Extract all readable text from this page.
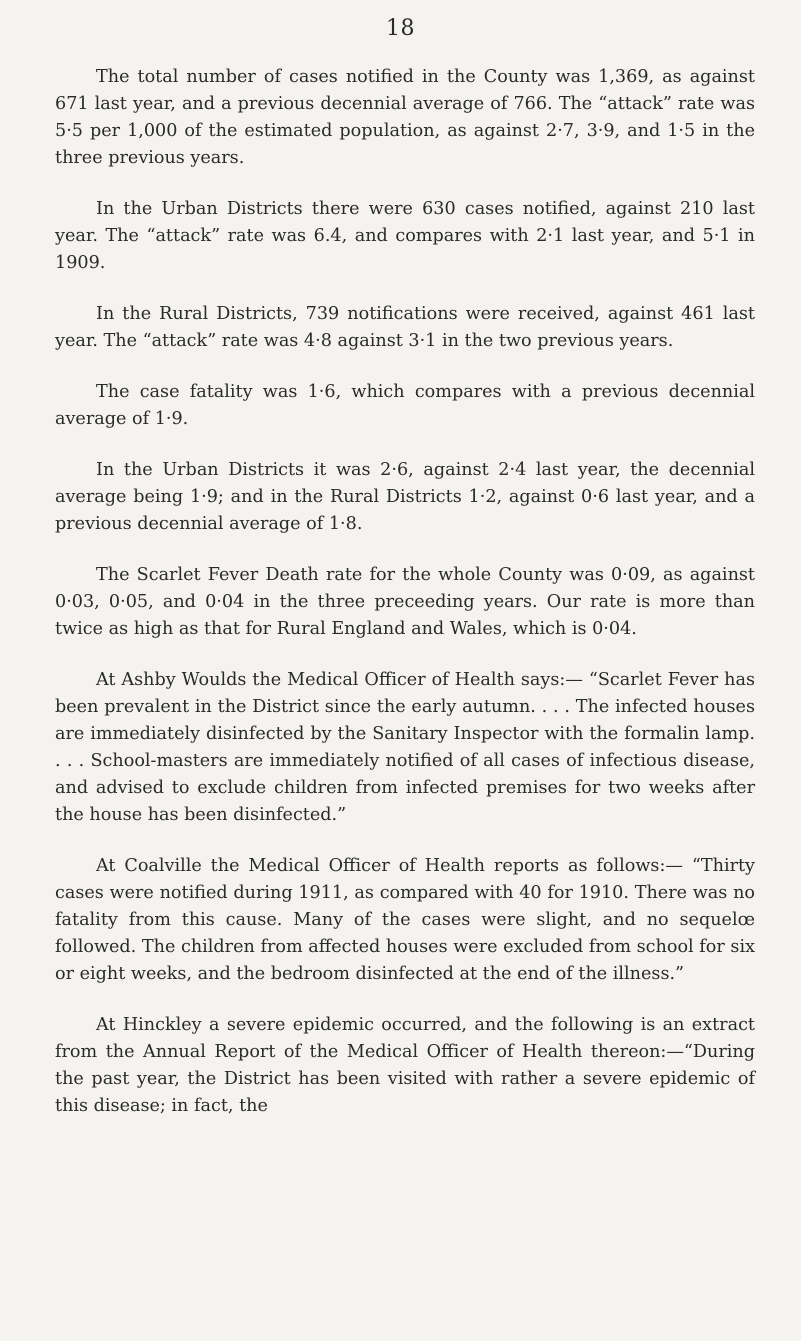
18

The total number of cases notified in the County was 1,369, as against 671 last year, and a previous decennial average of 766. The “attack” rate was 5·5 per 1,000 of the estimated population, as against 2·7, 3·9, and 1·5 in the three previous years.

In the Urban Districts there were 630 cases notified, against 210 last year. The “attack” rate was 6.4, and compares with 2·1 last year, and 5·1 in 1909.

In the Rural Districts, 739 notifications were received, against 461 last year. The “attack” rate was 4·8 against 3·1 in the two previous years.

The case fatality was 1·6, which compares with a previous decennial average of 1·9.

In the Urban Districts it was 2·6, against 2·4 last year, the decennial average being 1·9; and in the Rural Districts 1·2, against 0·6 last year, and a previous decennial average of 1·8.

The Scarlet Fever Death rate for the whole County was 0·09, as against 0·03, 0·05, and 0·04 in the three preceeding years. Our rate is more than twice as high as that for Rural England and Wales, which is 0·04.

At Ashby Woulds the Medical Officer of Health says:— “Scarlet Fever has been prevalent in the District since the early autumn. . . . The infected houses are immediately disinfected by the Sanitary Inspector with the formalin lamp. . . . School-masters are immediately notified of all cases of infectious disease, and advised to exclude children from infected premises for two weeks after the house has been disinfected.”

At Coalville the Medical Officer of Health reports as follows:— “Thirty cases were notified during 1911, as compared with 40 for 1910. There was no fatality from this cause. Many of the cases were slight, and no sequelœ followed. The children from affected houses were excluded from school for six or eight weeks, and the bedroom disinfected at the end of the illness.”

At Hinckley a severe epidemic occurred, and the following is an extract from the Annual Report of the Medical Officer of Health thereon:—“During the past year, the District has been visited with rather a severe epidemic of this disease; in fact, the
